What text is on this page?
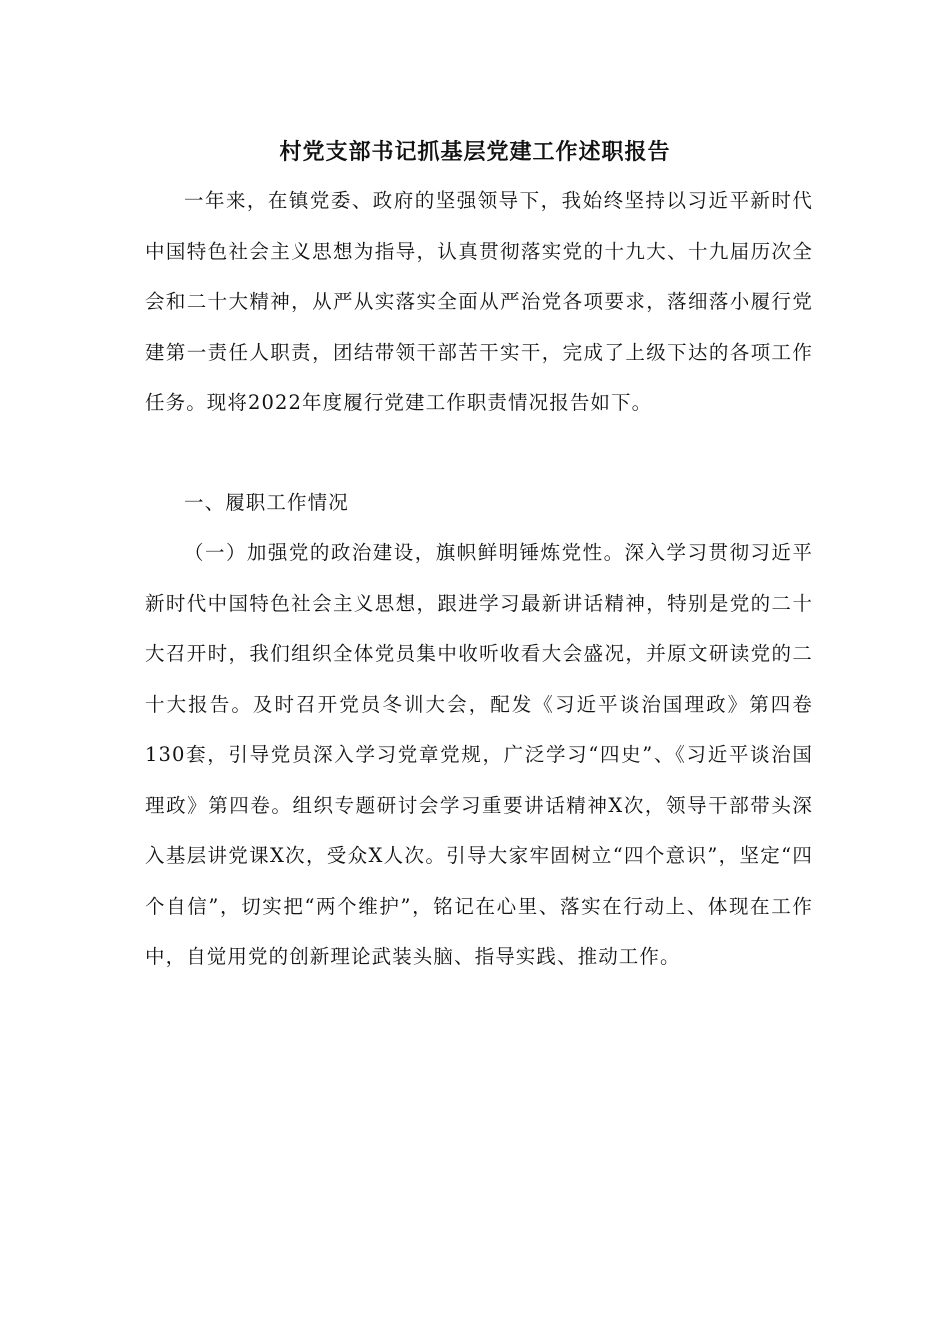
村党支部书记抓基层党建工作述职报告

一年来，在镇党委、政府的坚强领导下，我始终坚持以习近平新时代中国特色社会主义思想为指导，认真贯彻落实党的十九大、十九届历次全会和二十大精神，从严从实落实全面从严治党各项要求，落细落小履行党建第一责任人职责，团结带领干部苦干实干，完成了上级下达的各项工作任务。现将2022年度履行党建工作职责情况报告如下。

一、履职工作情况

（一）加强党的政治建设，旗帜鲜明锤炼党性。深入学习贯彻习近平新时代中国特色社会主义思想，跟进学习最新讲话精神，特别是党的二十大召开时，我们组织全体党员集中收听收看大会盛况，并原文研读党的二十大报告。及时召开党员冬训大会，配发《习近平谈治国理政》第四卷130套，引导党员深入学习党章党规，广泛学习“四史”、《习近平谈治国理政》第四卷。组织专题研讨会学习重要讲话精神X次，领导干部带头深入基层讲党课X次，受众X人次。引导大家牢固树立“四个意识”，坚定“四个自信”，切实把“两个维护”，铭记在心里、落实在行动上、体现在工作中，自觉用党的创新理论武装头脑、指导实践、推动工作。
